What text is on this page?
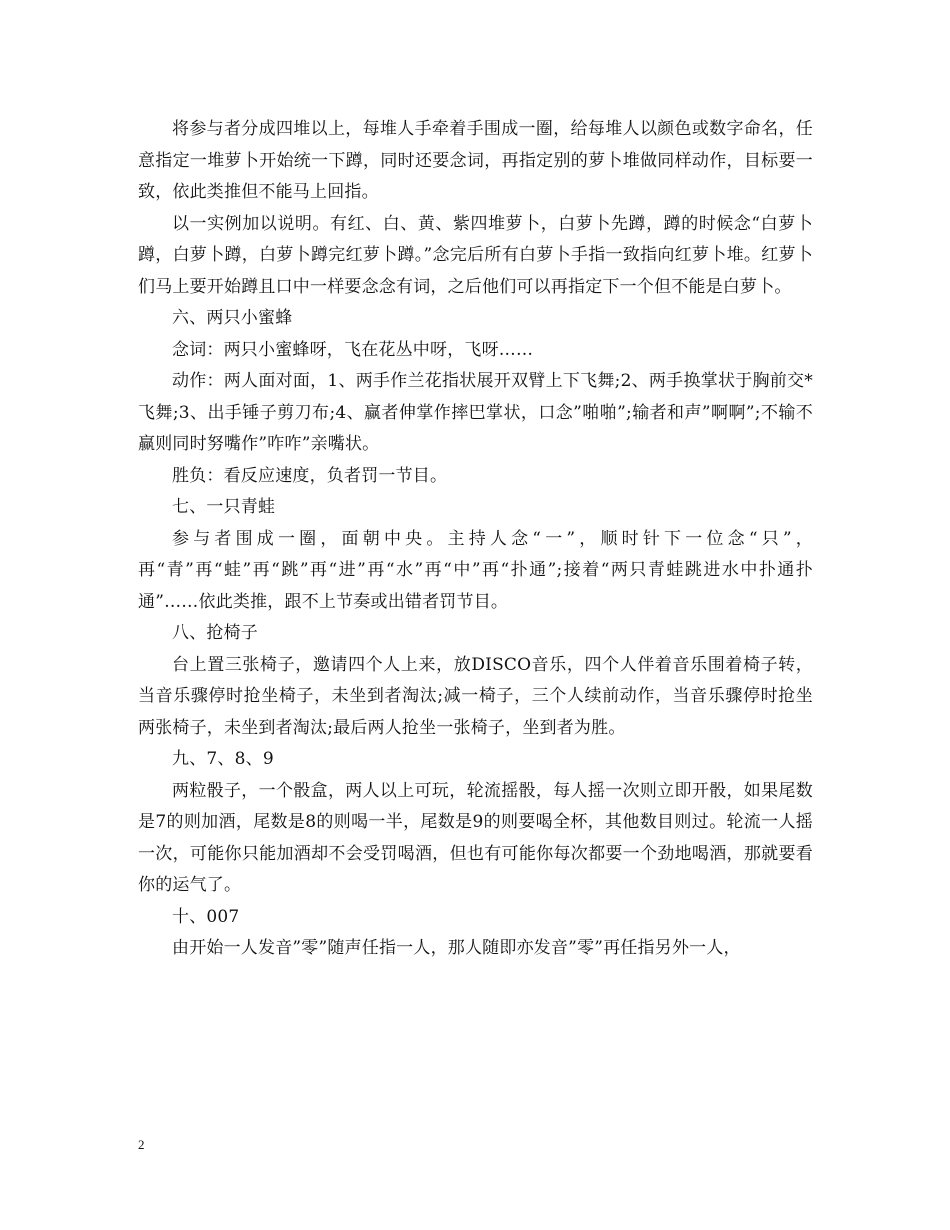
将参与者分成四堆以上，每堆人手牵着手围成一圈，给每堆人以颜色或数字命名，任意指定一堆萝卜开始统一下蹲，同时还要念词，再指定别的萝卜堆做同样动作，目标要一致，依此类推但不能马上回指。

以一实例加以说明。有红、白、黄、紫四堆萝卜，白萝卜先蹲，蹲的时候念“白萝卜蹲，白萝卜蹲，白萝卜蹲完红萝卜蹲。”念完后所有白萝卜手指一致指向红萝卜堆。红萝卜们马上要开始蹲且口中一样要念念有词，之后他们可以再指定下一个但不能是白萝卜。

六、两只小蜜蜂

念词：两只小蜜蜂呀，飞在花丛中呀，飞呀……

动作：两人面对面，1、两手作兰花指状展开双臂上下飞舞;2、两手换掌状于胸前交*飞舞;3、出手锤子剪刀布;4、赢者伸掌作摔巴掌状，口念”啪啪”;输者和声”啊啊”;不输不赢则同时努嘴作”咋咋”亲嘴状。

胜负：看反应速度，负者罚一节目。

七、一只青蛙

参与者围成一圈，面朝中央。主持人念“一”，顺时针下一位念“只”，再“青”再“蛙”再“跳”再“进”再“水”再“中”再“扑通”;接着“两只青蛙跳进水中扑通扑通”……依此类推，跟不上节奏或出错者罚节目。

八、抢椅子

台上置三张椅子，邀请四个人上来，放DISCO音乐，四个人伴着音乐围着椅子转，当音乐骤停时抢坐椅子，未坐到者淘汰;减一椅子，三个人续前动作，当音乐骤停时抢坐两张椅子，未坐到者淘汰;最后两人抢坐一张椅子，坐到者为胜。

九、7、8、9

两粒骰子，一个骰盒，两人以上可玩，轮流摇骰，每人摇一次则立即开骰，如果尾数是7的则加酒，尾数是8的则喝一半，尾数是9的则要喝全杯，其他数目则过。轮流一人摇一次，可能你只能加酒却不会受罚喝酒，但也有可能你每次都要一个劲地喝酒，那就要看你的运气了。

十、007

由开始一人发音”零”随声任指一人，那人随即亦发音”零”再任指另外一人，

2
